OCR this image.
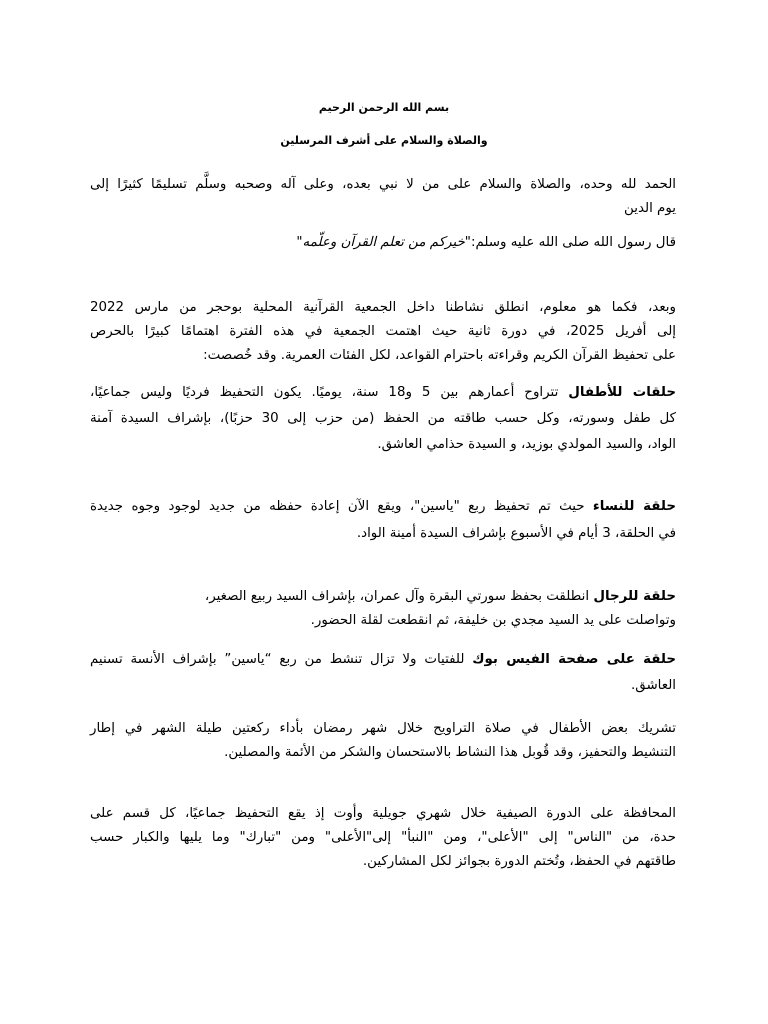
بسم الله الرحمن الرحيم
والصلاة والسلام على أشرف المرسلين
الحمد لله وحده، والصلاة والسلام على من لا نبي بعده، وعلى آله وصحبه وسلَّم تسليمًا كثيرًا إلى
يوم الدين
قال رسول الله صلى الله عليه وسلم:"خيركم من تعلم القرآن وعلّمه"
وبعد، فكما هو معلوم، انطلق نشاطنا داخل الجمعية القرآنية المحلية بوحجر من مارس 2022
إلى أفريل 2025، في دورة ثانية حيث اهتمت الجمعية في هذه الفترة اهتمامًا كبيرًا بالحرص
على تحفيظ القرآن الكريم وقراءته باحترام القواعد، لكل الفئات العمرية. وقد خُصصت:
حلقات للأطفال تتراوح أعمارهم بين 5 و18 سنة، يوميًا. يكون التحفيظ فرديًا وليس جماعيًا،
كل طفل وسورته، وكل حسب طاقته من الحفظ (من حزب إلى 30 حزبًا)، بإشراف السيدة آمنة
الواد، والسيد المولدي بوزيد، و السيدة حذامي العاشق.
حلقة للنساء حيث تم تحفيظ ربع "ياسين"، ويقع الآن إعادة حفظه من جديد لوجود وجوه جديدة
في الحلقة، 3 أيام في الأسبوع بإشراف السيدة أمينة الواد.
حلقة للرجال انطلقت بحفظ سورتي البقرة وآل عمران، بإشراف السيد ربيع الصغير،
وتواصلت على يد السيد مجدي بن خليفة، ثم انقطعت لقلة الحضور.
حلقة على صفحة الفيس بوك للفتيات ولا تزال تنشط من ربع “ياسين” بإشراف الأنسة تسنيم
العاشق.
تشريك بعض الأطفال في صلاة التراويح خلال شهر رمضان بأداء ركعتين طيلة الشهر في إطار
التنشيط والتحفيز، وقد قُوبل هذا النشاط بالاستحسان والشكر من الأئمة والمصلين.
المحافظة على الدورة الصيفية خلال شهري جويلية وأوت إذ يقع التحفيظ جماعيًا، كل قسم على
حدة، من "الناس" إلى "الأعلى"، ومن "النبأ" إلى"الأعلى" ومن "تبارك" وما يليها والكبار حسب
طاقتهم في الحفظ، وتُختم الدورة بجوائز لكل المشاركين.
